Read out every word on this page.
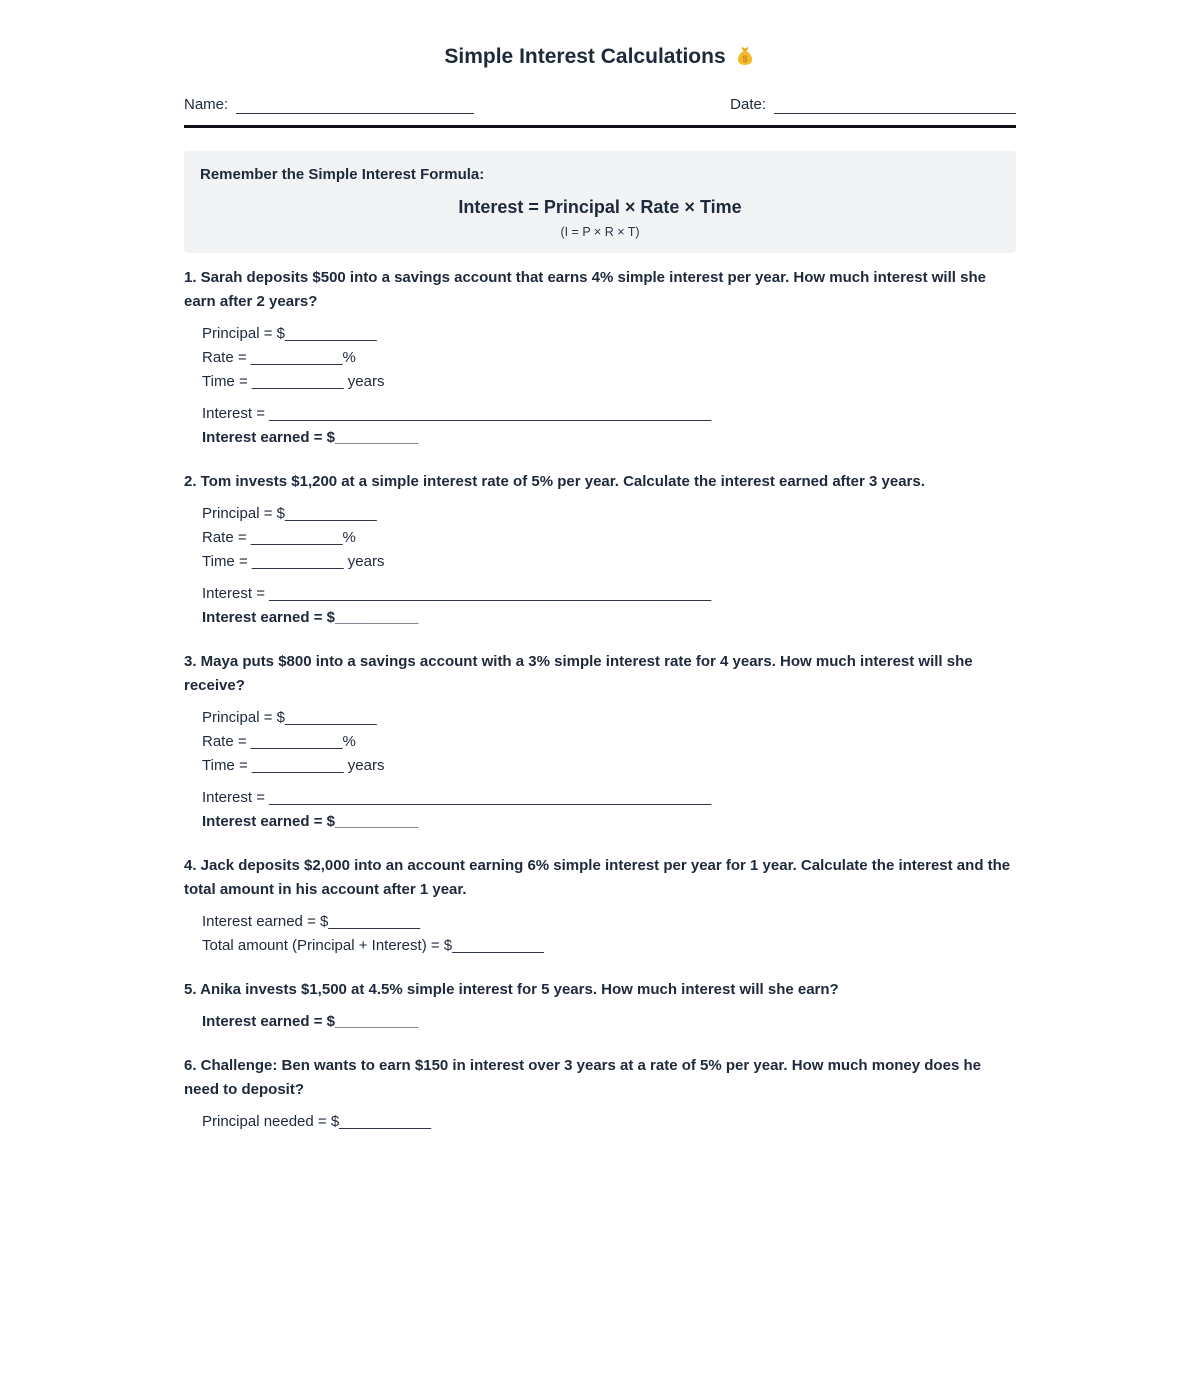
Simple Interest Calculations $
Name:	Date:
Remember the Simple Interest Formula:
Interest = Principal × Rate × Time
(I = P × R × T)
1. Sarah deposits $500 into a savings account that earns 4% simple interest per year. How much interest will she earn after 2 years?
Principal = $___________
Rate = ___________%
Time = ___________ years
Interest = _____________________________________________________
Interest earned = $__________
2. Tom invests $1,200 at a simple interest rate of 5% per year. Calculate the interest earned after 3 years.
Principal = $___________
Rate = ___________%
Time = ___________ years
Interest = _____________________________________________________
Interest earned = $__________
3. Maya puts $800 into a savings account with a 3% simple interest rate for 4 years. How much interest will she receive?
Principal = $___________
Rate = ___________%
Time = ___________ years
Interest = _____________________________________________________
Interest earned = $__________
4. Jack deposits $2,000 into an account earning 6% simple interest per year for 1 year. Calculate the interest and the total amount in his account after 1 year.
Interest earned = $___________
Total amount (Principal + Interest) = $___________
5. Anika invests $1,500 at 4.5% simple interest for 5 years. How much interest will she earn?
Interest earned = $__________
6. Challenge: Ben wants to earn $150 in interest over 3 years at a rate of 5% per year. How much money does he need to deposit?
Principal needed = $___________
